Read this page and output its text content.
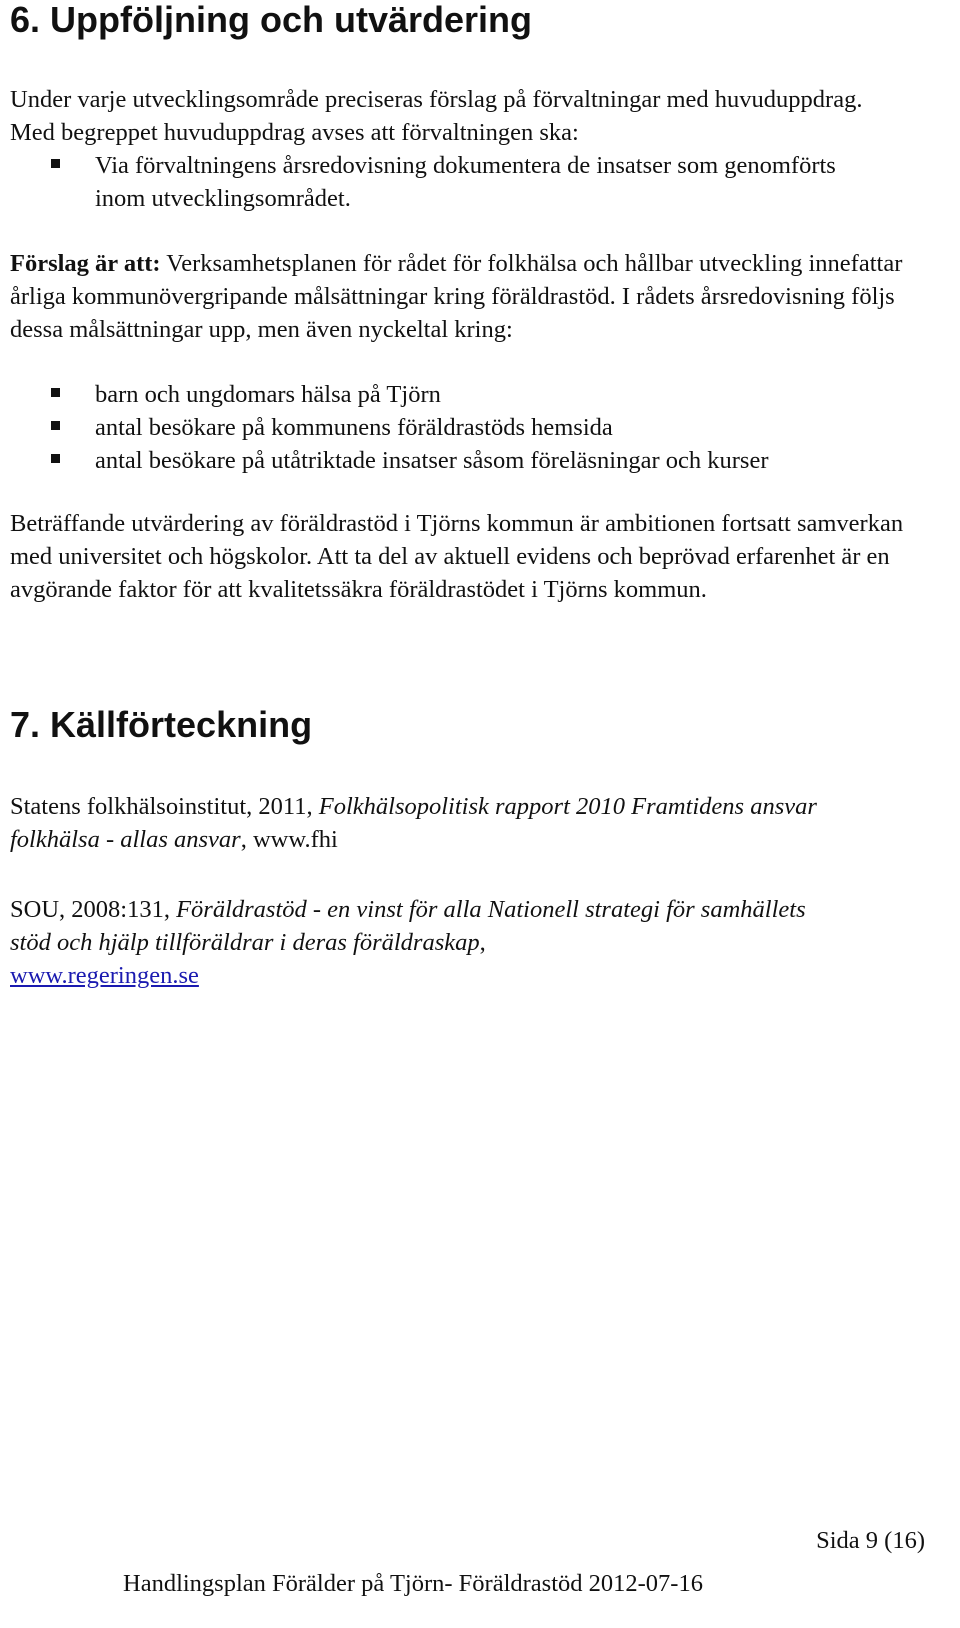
6. Uppföljning och utvärdering

Under varje utvecklingsområde preciseras förslag på förvaltningar med huvuduppdrag. Med begreppet huvuduppdrag avses att förvaltningen ska:

Via förvaltningens årsredovisning dokumentera de insatser som genomförts inom utvecklingsområdet.

Förslag är att: Verksamhetsplanen för rådet för folkhälsa och hållbar utveckling innefattar årliga kommunövergripande målsättningar kring föräldrastöd. I rådets årsredovisning följs dessa målsättningar upp, men även nyckeltal kring:

barn och ungdomars hälsa på Tjörn
antal besökare på kommunens föräldrastöds hemsida
antal besökare på utåtriktade insatser såsom föreläsningar och kurser

Beträffande utvärdering av föräldrastöd i Tjörns kommun är ambitionen fortsatt samverkan med universitet och högskolor. Att ta del av aktuell evidens och beprövad erfarenhet är en avgörande faktor för att kvalitetssäkra föräldrastödet i Tjörns kommun.

7. Källförteckning

Statens folkhälsoinstitut, 2011, Folkhälsopolitisk rapport 2010 Framtidens ansvar folkhälsa - allas ansvar, www.fhi

SOU, 2008:131, Föräldrastöd - en vinst för alla Nationell strategi för samhällets stöd och hjälp tillföräldrar i deras föräldraskap,
www.regeringen.se

Sida 9 (16)
Handlingsplan Förälder på Tjörn- Föräldrastöd 2012-07-16
